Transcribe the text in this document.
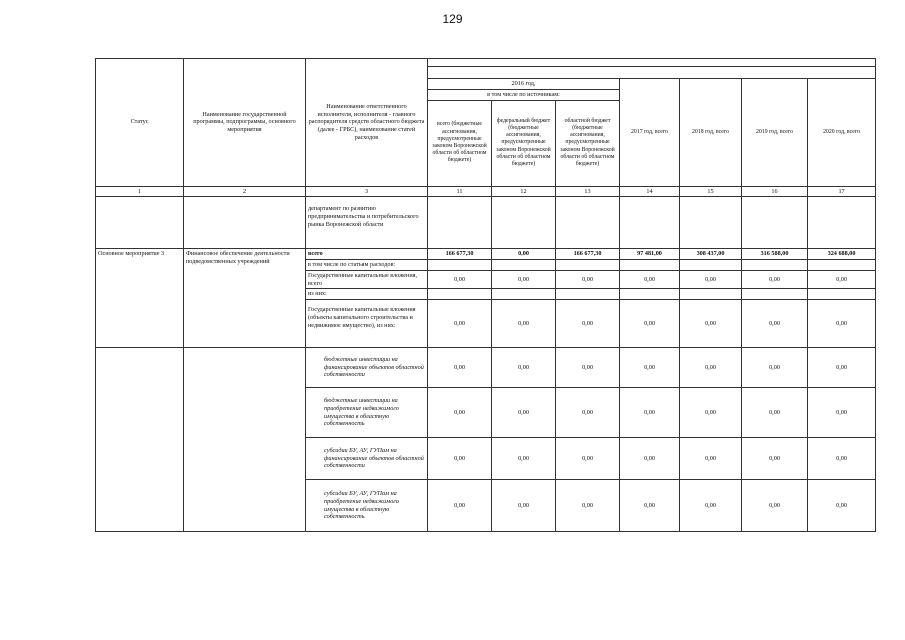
129
Статус	Наименование государственной программы, подпрограммы, основного мероприятия	Наименование ответственного исполнителя, исполнителя - главного распорядителя средств областного бюджета (далее - ГРБС), наименование статей расходов							

			2016 год,			2017 год, всего	2018 год, всего	2019 год, всего	2020 год, всего
			в том числе по источникам:						
			всего (бюджетные ассигнования, предусмотренные законом Воронежской области об областном бюджете)	федеральный бюджет (бюджетные ассигнования, предусмотренные законом Воронежской области об областном бюджете)	областной бюджет (бюджетные ассигнования, предусмотренные законом Воронежской области об областном бюджете)				
1	2	3	11	12	13	14	15	16	17
		департамент по развитию предпринимательства и потребительского рынка Воронежской области							
Основное мероприятие 3	Финансовое обеспечение деятельности подведомственных учреждений	всего	166 677,30	0,00	166 677,30	97 481,00	308 437,00	316 588,00	324 688,00
		в том числе по статьям расходов:							
		Государственные капитальные вложения, всего	0,00	0,00	0,00	0,00	0,00	0,00	0,00
		из них:							
		Государственные капитальные вложения (объекты капитального строительства и недвижимое имущество), из них:	0,00	0,00	0,00	0,00	0,00	0,00	0,00
		бюджетные инвестиции на финансирование объектов областной собственности	0,00	0,00	0,00	0,00	0,00	0,00	0,00
		бюджетные инвестиции на приобретение недвижимого имущества в областную собственность	0,00	0,00	0,00	0,00	0,00	0,00	0,00
		субсидии БУ, АУ, ГУПам на финансирование объектов областной собственности	0,00	0,00	0,00	0,00	0,00	0,00	0,00
		субсидии БУ, АУ, ГУПам на приобретение недвижимого имущества в областную собственность	0,00	0,00	0,00	0,00	0,00	0,00	0,00
